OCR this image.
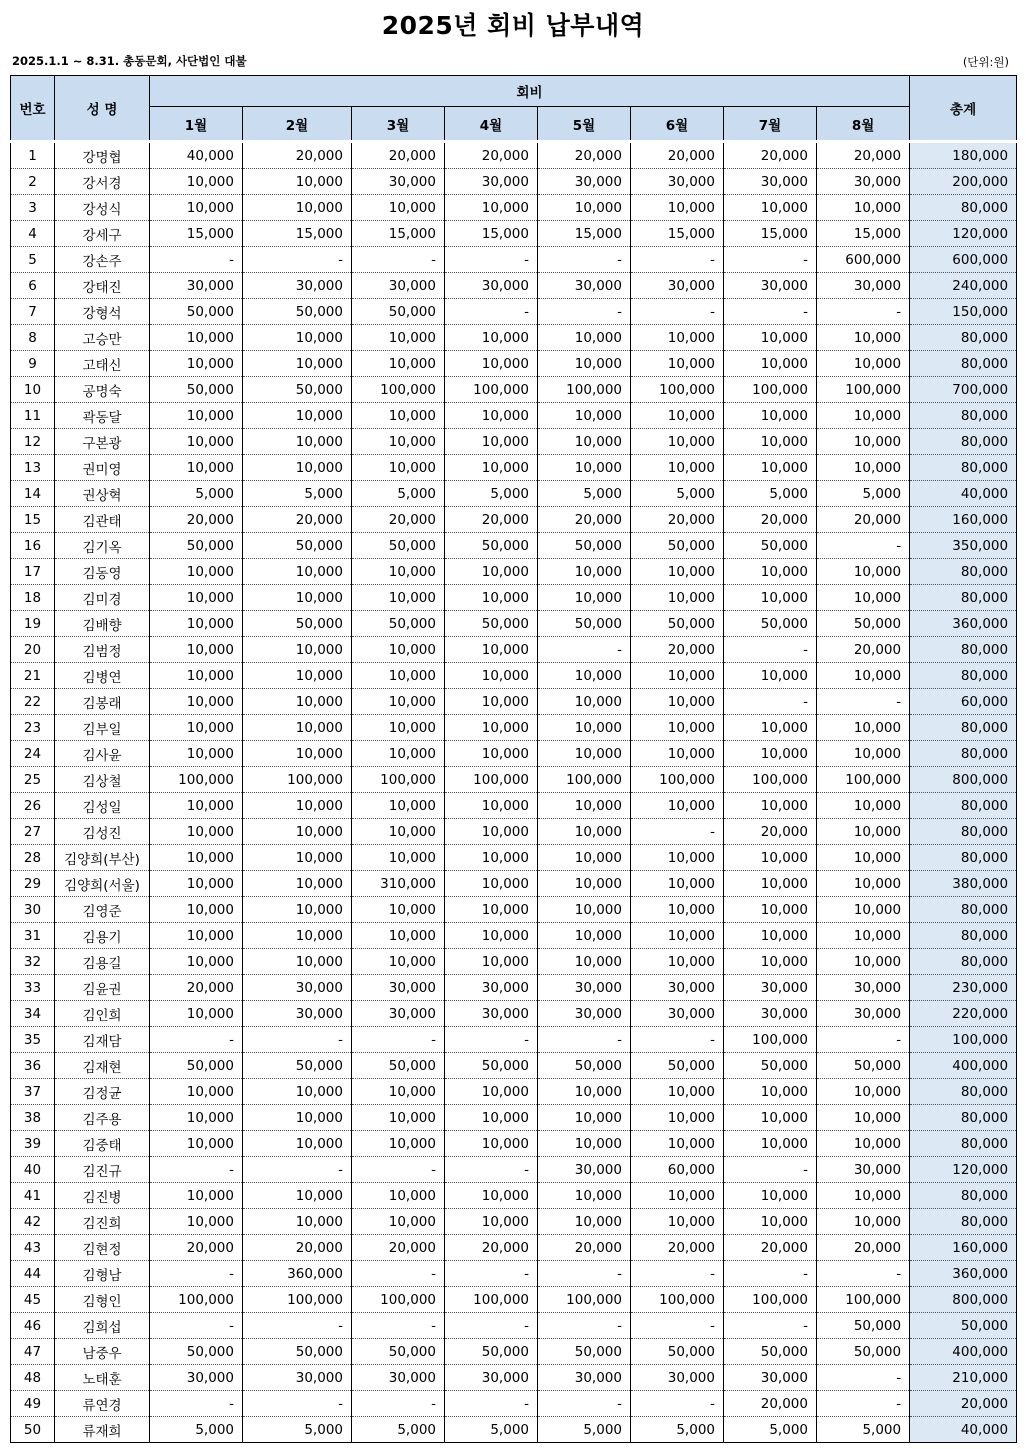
2025년 회비 납부내역
2025.1.1 ~ 8.31. 총동문회, 사단법인 대불	(단위:원)
번호	성 명	회비								총계
		1월	2월	3월	4월	5월	6월	7월	8월	
1	강명협	40,000	20,000	20,000	20,000	20,000	20,000	20,000	20,000	180,000
2	강서경	10,000	10,000	30,000	30,000	30,000	30,000	30,000	30,000	200,000
3	강성식	10,000	10,000	10,000	10,000	10,000	10,000	10,000	10,000	80,000
4	강세구	15,000	15,000	15,000	15,000	15,000	15,000	15,000	15,000	120,000
5	강손주	-	-	-	-	-	-	-	600,000	600,000
6	강태진	30,000	30,000	30,000	30,000	30,000	30,000	30,000	30,000	240,000
7	강형석	50,000	50,000	50,000	-	-	-	-	-	150,000
8	고승만	10,000	10,000	10,000	10,000	10,000	10,000	10,000	10,000	80,000
9	고태신	10,000	10,000	10,000	10,000	10,000	10,000	10,000	10,000	80,000
10	공명숙	50,000	50,000	100,000	100,000	100,000	100,000	100,000	100,000	700,000
11	곽동달	10,000	10,000	10,000	10,000	10,000	10,000	10,000	10,000	80,000
12	구본광	10,000	10,000	10,000	10,000	10,000	10,000	10,000	10,000	80,000
13	권미영	10,000	10,000	10,000	10,000	10,000	10,000	10,000	10,000	80,000
14	권상혁	5,000	5,000	5,000	5,000	5,000	5,000	5,000	5,000	40,000
15	김관태	20,000	20,000	20,000	20,000	20,000	20,000	20,000	20,000	160,000
16	김기옥	50,000	50,000	50,000	50,000	50,000	50,000	50,000	-	350,000
17	김동영	10,000	10,000	10,000	10,000	10,000	10,000	10,000	10,000	80,000
18	김미경	10,000	10,000	10,000	10,000	10,000	10,000	10,000	10,000	80,000
19	김배향	10,000	50,000	50,000	50,000	50,000	50,000	50,000	50,000	360,000
20	김범정	10,000	10,000	10,000	10,000	-	20,000	-	20,000	80,000
21	김병연	10,000	10,000	10,000	10,000	10,000	10,000	10,000	10,000	80,000
22	김봉래	10,000	10,000	10,000	10,000	10,000	10,000	-	-	60,000
23	김부일	10,000	10,000	10,000	10,000	10,000	10,000	10,000	10,000	80,000
24	김사윤	10,000	10,000	10,000	10,000	10,000	10,000	10,000	10,000	80,000
25	김상철	100,000	100,000	100,000	100,000	100,000	100,000	100,000	100,000	800,000
26	김성일	10,000	10,000	10,000	10,000	10,000	10,000	10,000	10,000	80,000
27	김성진	10,000	10,000	10,000	10,000	10,000	-	20,000	10,000	80,000
28	김양희(부산)	10,000	10,000	10,000	10,000	10,000	10,000	10,000	10,000	80,000
29	김양희(서울)	10,000	10,000	310,000	10,000	10,000	10,000	10,000	10,000	380,000
30	김영준	10,000	10,000	10,000	10,000	10,000	10,000	10,000	10,000	80,000
31	김용기	10,000	10,000	10,000	10,000	10,000	10,000	10,000	10,000	80,000
32	김용길	10,000	10,000	10,000	10,000	10,000	10,000	10,000	10,000	80,000
33	김윤권	20,000	30,000	30,000	30,000	30,000	30,000	30,000	30,000	230,000
34	김인희	10,000	30,000	30,000	30,000	30,000	30,000	30,000	30,000	220,000
35	김재담	-	-	-	-	-	-	100,000	-	100,000
36	김재현	50,000	50,000	50,000	50,000	50,000	50,000	50,000	50,000	400,000
37	김정균	10,000	10,000	10,000	10,000	10,000	10,000	10,000	10,000	80,000
38	김주용	10,000	10,000	10,000	10,000	10,000	10,000	10,000	10,000	80,000
39	김중태	10,000	10,000	10,000	10,000	10,000	10,000	10,000	10,000	80,000
40	김진규	-	-	-	-	30,000	60,000	-	30,000	120,000
41	김진병	10,000	10,000	10,000	10,000	10,000	10,000	10,000	10,000	80,000
42	김진희	10,000	10,000	10,000	10,000	10,000	10,000	10,000	10,000	80,000
43	김현정	20,000	20,000	20,000	20,000	20,000	20,000	20,000	20,000	160,000
44	김형남	-	360,000	-	-	-	-	-	-	360,000
45	김형인	100,000	100,000	100,000	100,000	100,000	100,000	100,000	100,000	800,000
46	김희섭	-	-	-	-	-	-	-	50,000	50,000
47	남중우	50,000	50,000	50,000	50,000	50,000	50,000	50,000	50,000	400,000
48	노태훈	30,000	30,000	30,000	30,000	30,000	30,000	30,000	-	210,000
49	류연경	-	-	-	-	-	-	20,000	-	20,000
50	류재희	5,000	5,000	5,000	5,000	5,000	5,000	5,000	5,000	40,000
